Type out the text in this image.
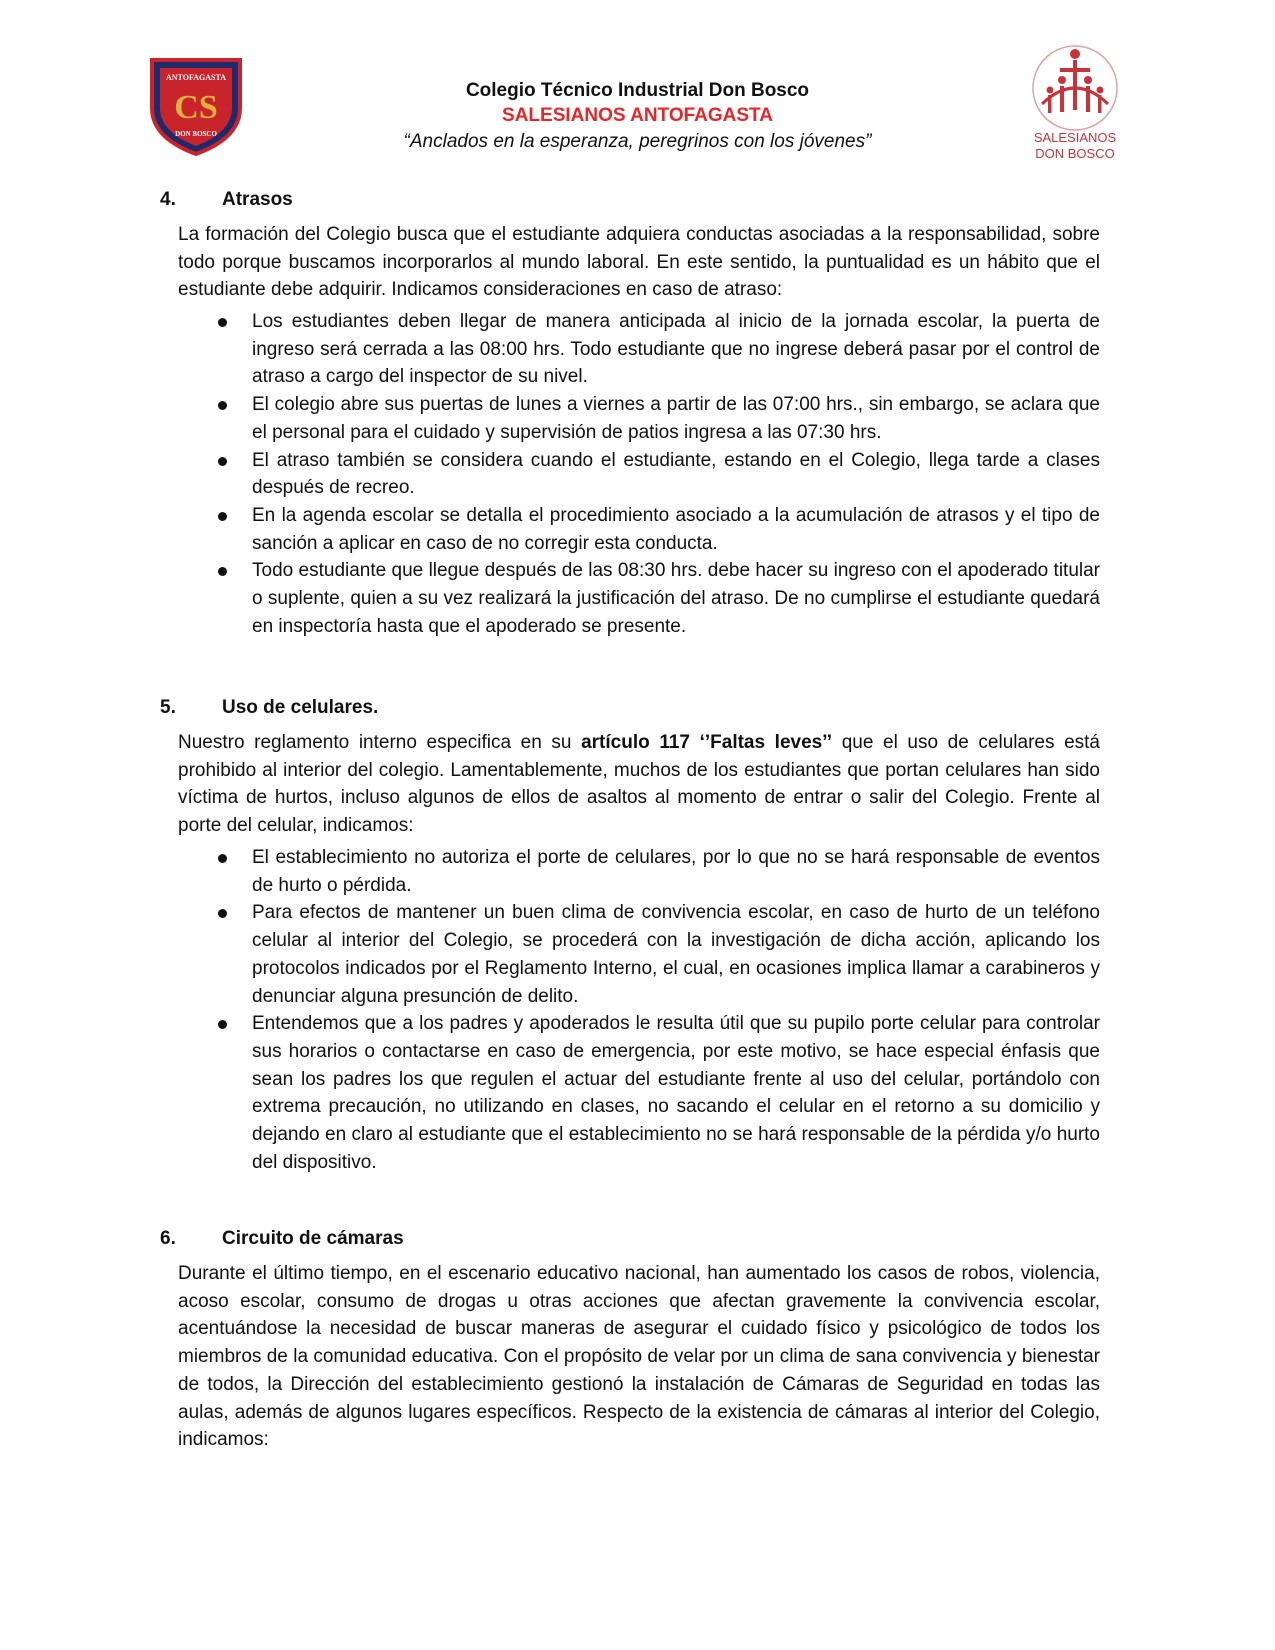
ANTOFAGASTA
CS
DON BOSCO
Colegio Técnico Industrial Don Bosco
SALESIANOS ANTOFAGASTA
“Anclados en la esperanza, peregrinos con los jóvenes”	SALESIANOS
DON BOSCO
4. Atrasos
La formación del Colegio busca que el estudiante adquiera conductas asociadas a la responsabilidad, sobre todo porque buscamos incorporarlos al mundo laboral. En este sentido, la puntualidad es un hábito que el estudiante debe adquirir. Indicamos consideraciones en caso de atraso:
Los estudiantes deben llegar de manera anticipada al inicio de la jornada escolar, la puerta de ingreso será cerrada a las 08:00 hrs. Todo estudiante que no ingrese deberá pasar por el control de atraso a cargo del inspector de su nivel.
El colegio abre sus puertas de lunes a viernes a partir de las 07:00 hrs., sin embargo, se aclara que el personal para el cuidado y supervisión de patios ingresa a las 07:30 hrs.
El atraso también se considera cuando el estudiante, estando en el Colegio, llega tarde a clases después de recreo.
En la agenda escolar se detalla el procedimiento asociado a la acumulación de atrasos y el tipo de sanción a aplicar en caso de no corregir esta conducta.
Todo estudiante que llegue después de las 08:30 hrs. debe hacer su ingreso con el apoderado titular o suplente, quien a su vez realizará la justificación del atraso. De no cumplirse el estudiante quedará en inspectoría hasta que el apoderado se presente.
5. Uso de celulares.
Nuestro reglamento interno especifica en su artículo 117 ‘’Faltas leves’’ que el uso de celulares está prohibido al interior del colegio. Lamentablemente, muchos de los estudiantes que portan celulares han sido víctima de hurtos, incluso algunos de ellos de asaltos al momento de entrar o salir del Colegio. Frente al porte del celular, indicamos:
El establecimiento no autoriza el porte de celulares, por lo que no se hará responsable de eventos de hurto o pérdida.
Para efectos de mantener un buen clima de convivencia escolar, en caso de hurto de un teléfono celular al interior del Colegio, se procederá con la investigación de dicha acción, aplicando los protocolos indicados por el Reglamento Interno, el cual, en ocasiones implica llamar a carabineros y denunciar alguna presunción de delito.
Entendemos que a los padres y apoderados le resulta útil que su pupilo porte celular para controlar sus horarios o contactarse en caso de emergencia, por este motivo, se hace especial énfasis que sean los padres los que regulen el actuar del estudiante frente al uso del celular, portándolo con extrema precaución, no utilizando en clases, no sacando el celular en el retorno a su domicilio y dejando en claro al estudiante que el establecimiento no se hará responsable de la pérdida y/o hurto del dispositivo.
6. Circuito de cámaras
Durante el último tiempo, en el escenario educativo nacional, han aumentado los casos de robos, violencia, acoso escolar, consumo de drogas u otras acciones que afectan gravemente la convivencia escolar, acentuándose la necesidad de buscar maneras de asegurar el cuidado físico y psicológico de todos los miembros de la comunidad educativa. Con el propósito de velar por un clima de sana convivencia y bienestar de todos, la Dirección del establecimiento gestionó la instalación de Cámaras de Seguridad en todas las aulas, además de algunos lugares específicos. Respecto de la existencia de cámaras al interior del Colegio, indicamos:
